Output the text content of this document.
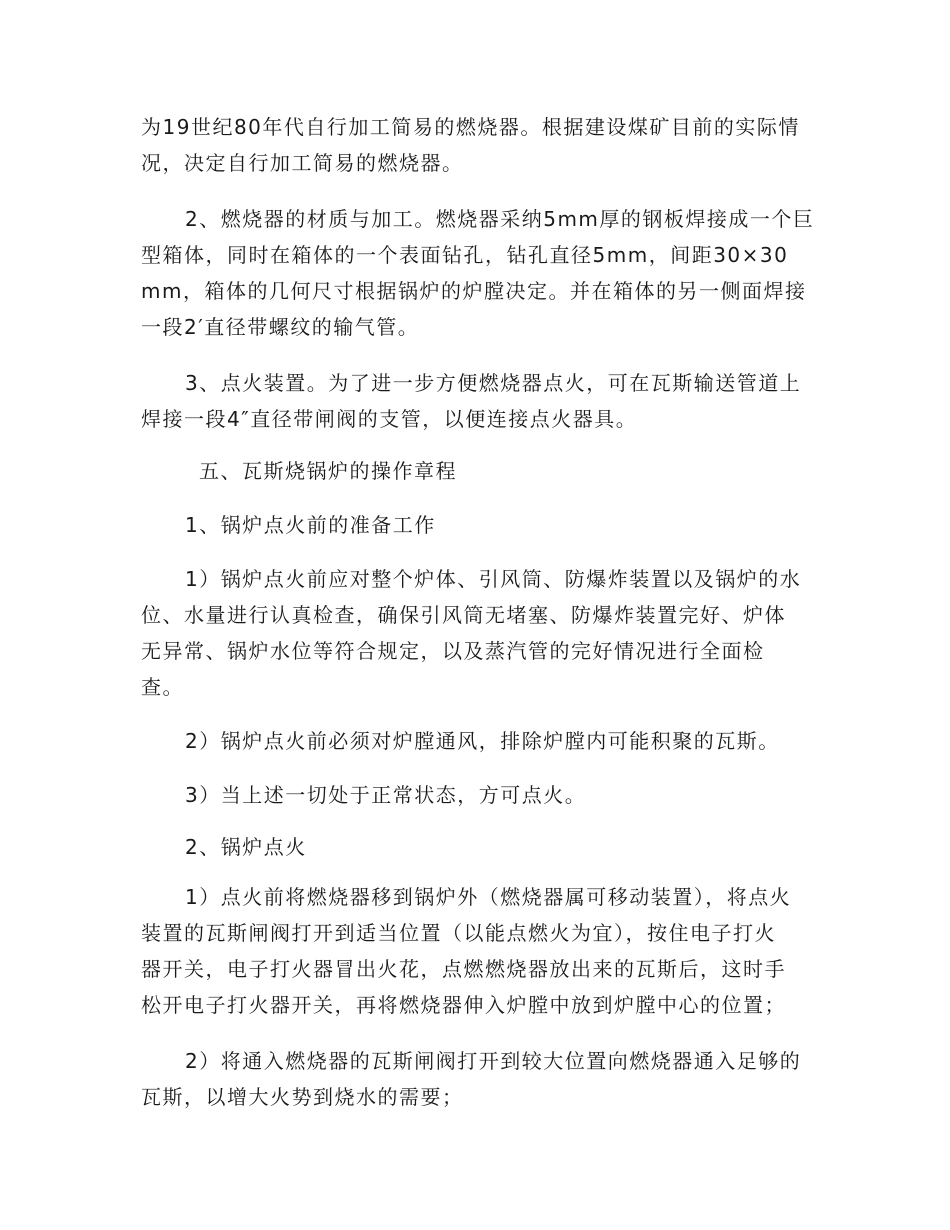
为19世纪80年代自行加工简易的燃烧器。根据建设煤矿目前的实际情
况，决定自行加工简易的燃烧器。
2、燃烧器的材质与加工。燃烧器采纳5mm厚的钢板焊接成一个巨
型箱体，同时在箱体的一个表面钻孔，钻孔直径5mm，间距30×30
mm，箱体的几何尺寸根据锅炉的炉膛决定。并在箱体的另一侧面焊接
一段2′直径带螺纹的输气管。
3、点火装置。为了进一步方便燃烧器点火，可在瓦斯输送管道上
焊接一段4″直径带闸阀的支管，以便连接点火器具。
五、瓦斯烧锅炉的操作章程
1、锅炉点火前的准备工作
1）锅炉点火前应对整个炉体、引风筒、防爆炸装置以及锅炉的水
位、水量进行认真检查，确保引风筒无堵塞、防爆炸装置完好、炉体
无异常、锅炉水位等符合规定，以及蒸汽管的完好情况进行全面检
查。
2）锅炉点火前必须对炉膛通风，排除炉膛内可能积聚的瓦斯。
3）当上述一切处于正常状态，方可点火。
2、锅炉点火
1）点火前将燃烧器移到锅炉外（燃烧器属可移动装置），将点火
装置的瓦斯闸阀打开到适当位置（以能点燃火为宜），按住电子打火
器开关，电子打火器冒出火花，点燃燃烧器放出来的瓦斯后，这时手
松开电子打火器开关，再将燃烧器伸入炉膛中放到炉膛中心的位置；
2）将通入燃烧器的瓦斯闸阀打开到较大位置向燃烧器通入足够的
瓦斯，以增大火势到烧水的需要；
